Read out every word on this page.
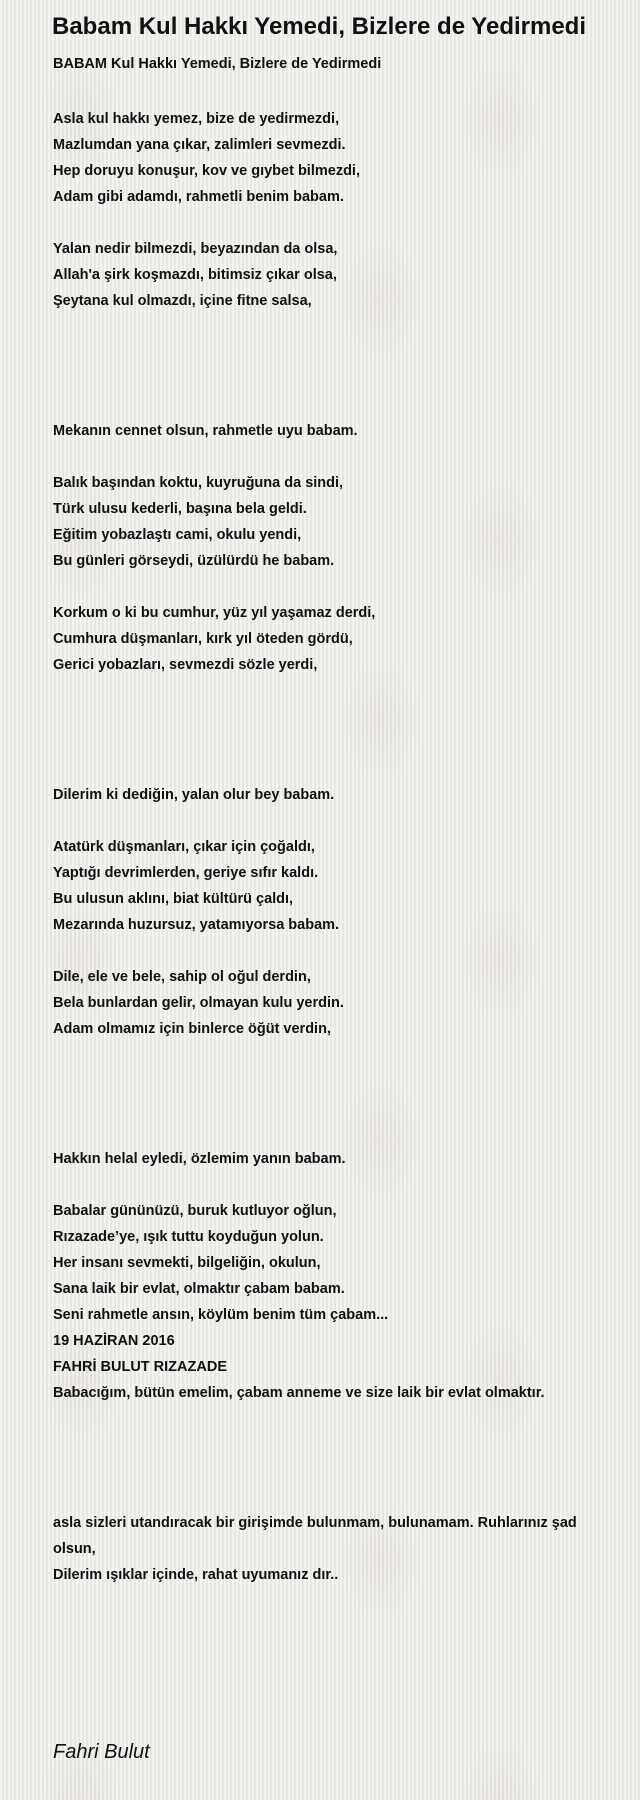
Babam Kul Hakkı Yemedi, Bizlere de Yedirmedi
BABAM Kul Hakkı Yemedi, Bizlere de Yedirmedi
Asla kul hakkı yemez, bize de yedirmezdi,
Mazlumdan yana çıkar, zalimleri sevmezdi.
Hep doruyu konuşur, kov ve gıybet bilmezdi,
Adam gibi adamdı, rahmetli benim babam.
Yalan nedir bilmezdi, beyazından da olsa,
Allah'a şirk koşmazdı, bitimsiz çıkar olsa,
Şeytana kul olmazdı, içine fitne salsa,
Mekanın cennet olsun, rahmetle uyu babam.
Balık başından koktu, kuyruğuna da sindi,
Türk ulusu kederli, başına bela geldi.
Eğitim yobazlaştı cami, okulu yendi,
Bu günleri görseydi, üzülürdü he babam.
Korkum o ki bu cumhur, yüz yıl yaşamaz derdi,
Cumhura düşmanları, kırk yıl öteden gördü,
Gerici yobazları, sevmezdi sözle yerdi,
Dilerim ki dediğin, yalan olur bey babam.
Atatürk düşmanları, çıkar için çoğaldı,
Yaptığı devrimlerden, geriye sıfır kaldı.
Bu ulusun aklını, biat kültürü çaldı,
Mezarında huzursuz, yatamıyorsa babam.
Dile, ele ve bele, sahip ol oğul derdin,
Bela bunlardan gelir, olmayan kulu yerdin.
Adam olmamız için binlerce öğüt verdin,
Hakkın helal eyledi, özlemim yanın babam.
Babalar gününüzü, buruk kutluyor oğlun,
Rızazade’ye, ışık tuttu koyduğun yolun.
Her insanı sevmekti, bilgeliğin, okulun,
Sana laik bir evlat, olmaktır çabam babam.
Seni rahmetle ansın, köylüm benim tüm çabam...
19 HAZİRAN 2016
FAHRİ BULUT RIZAZADE
Babacığım, bütün emelim, çabam anneme ve size laik bir evlat olmaktır.
asla sizleri utandıracak bir girişimde bulunmam, bulunamam. Ruhlarınız şad olsun,
Dilerim ışıklar içinde, rahat uyumanız dır..
Fahri Bulut
